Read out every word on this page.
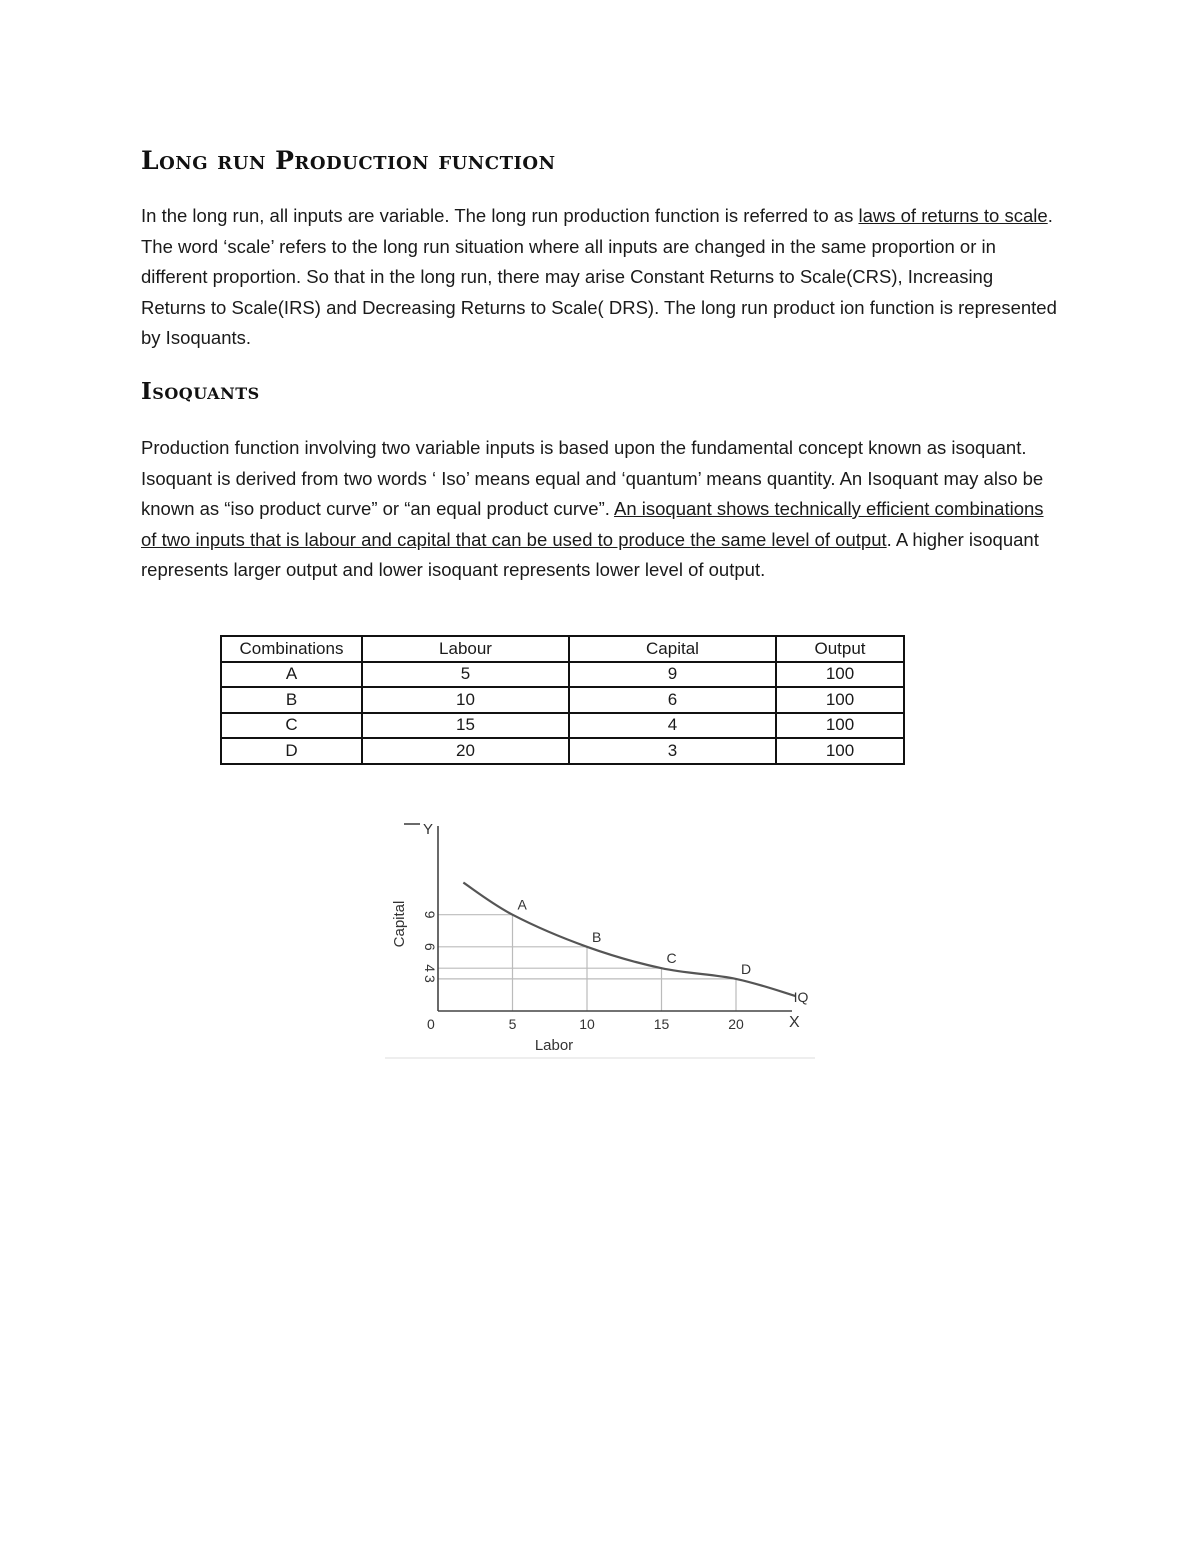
Long run Production function

In the long run, all inputs are variable. The long run production function is referred to as laws of returns to scale. The word ‘scale’ refers to the long run situation where all inputs are changed in the same proportion or in different proportion. So that in the long run, there may arise Constant Returns to Scale(CRS), Increasing Returns to Scale(IRS) and Decreasing Returns to Scale( DRS). The long run product ion function is represented by Isoquants.

Isoquants

Production function involving two variable inputs is based upon the fundamental concept known as isoquant. Isoquant is derived from two words ‘ Iso’ means equal and ‘quantum’ means quantity. An Isoquant may also be known as “iso product curve” or “an equal product curve”. An isoquant shows technically efficient combinations of two inputs that is labour and capital that can be used to produce the same level of output. A higher isoquant represents larger output and lower isoquant represents lower level of output.

Combinations	Labour	Capital	Output
A	5	9	100
B	10	6	100
C	15	4	100
D	20	3	100
Y
X
0	5	10	15	20
9
6
4
3
Labor
Capital	A
B
C
D
IQ
